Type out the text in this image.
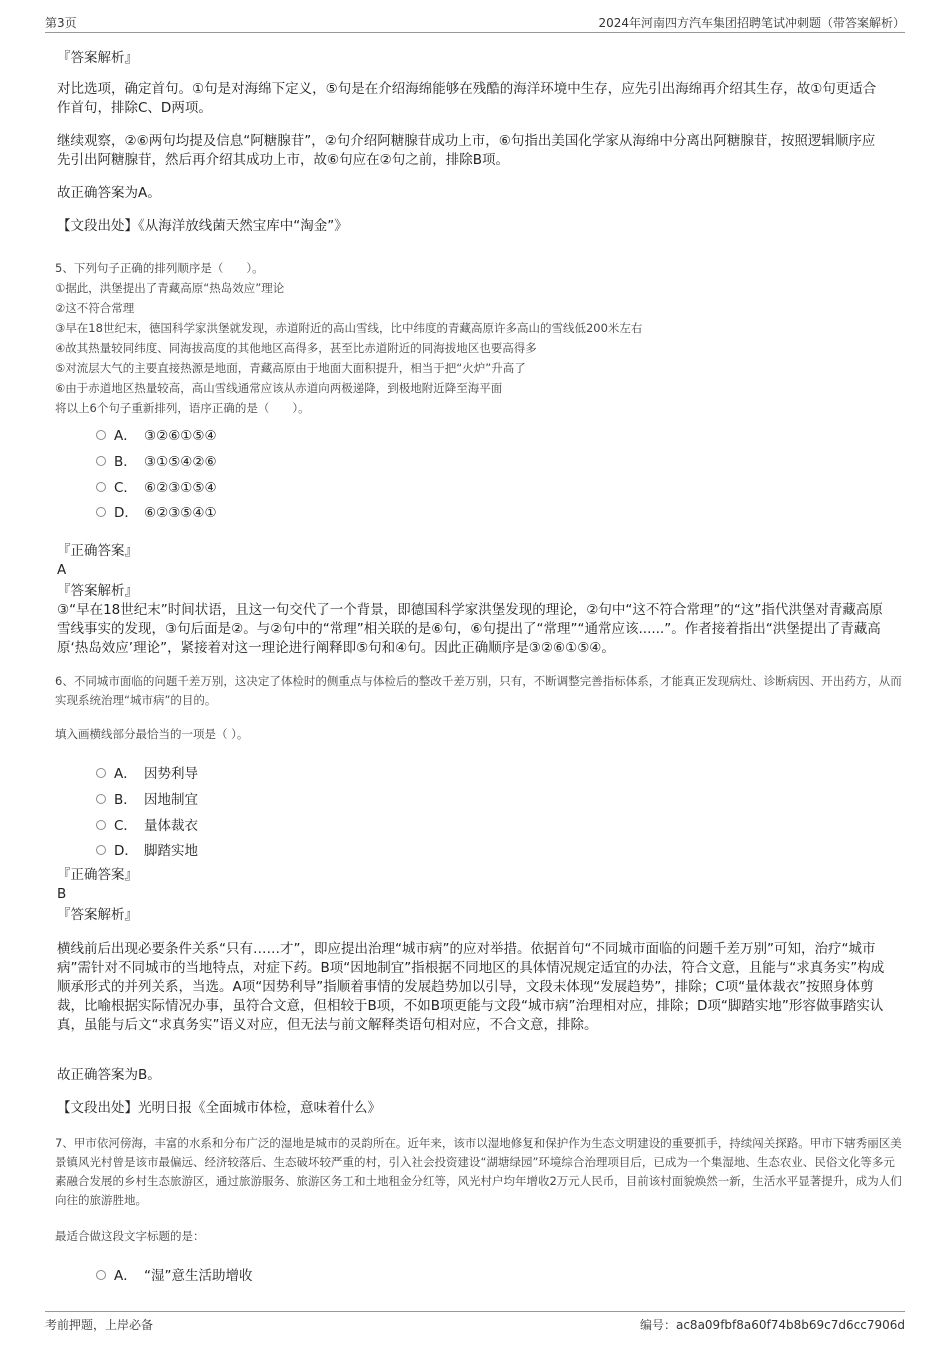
第3页	2024年河南四方汽车集团招聘笔试冲刺题（带答案解析）
『答案解析』
对比选项，确定首句。①句是对海绵下定义，⑤句是在介绍海绵能够在残酷的海洋环境中生存，应先引出海绵再介绍其生存，故①句更适合作首句，排除C、D两项。
继续观察，②⑥两句均提及信息“阿糖腺苷”，②句介绍阿糖腺苷成功上市，⑥句指出美国化学家从海绵中分离出阿糖腺苷，按照逻辑顺序应先引出阿糖腺苷，然后再介绍其成功上市，故⑥句应在②句之前，排除B项。
故正确答案为A。
【文段出处】《从海洋放线菌天然宝库中“淘金”》
5、下列句子正确的排列顺序是（　　）。
①据此，洪堡提出了青藏高原“热岛效应”理论
②这不符合常理
③早在18世纪末，德国科学家洪堡就发现，赤道附近的高山雪线，比中纬度的青藏高原许多高山的雪线低200米左右
④故其热量较同纬度、同海拔高度的其他地区高得多，甚至比赤道附近的同海拔地区也要高得多
⑤对流层大气的主要直接热源是地面，青藏高原由于地面大面积提升，相当于把“火炉”升高了
⑥由于赤道地区热量较高，高山雪线通常应该从赤道向两极递降，到极地附近降至海平面
将以上6个句子重新排列，语序正确的是（　　）。
A． ③②⑥①⑤④
B． ③①⑤④②⑥
C． ⑥②③①⑤④
D． ⑥②③⑤④①
『正确答案』
A
『答案解析』
③“早在18世纪末”时间状语，且这一句交代了一个背景，即德国科学家洪堡发现的理论，②句中“这不符合常理”的“这”指代洪堡对青藏高原雪线事实的发现，③句后面是②。与②句中的“常理”相关联的是⑥句，⑥句提出了“常理”“通常应该......”。作者接着指出“洪堡提出了青藏高原‘热岛效应’理论”，紧接着对这一理论进行阐释即⑤句和④句。因此正确顺序是③②⑥①⑤④。
6、不同城市面临的问题千差万别，这决定了体检时的侧重点与体检后的整改千差万别，只有，不断调整完善指标体系，才能真正发现病灶、诊断病因、开出药方，从而实现系统治理“城市病”的目的。
填入画横线部分最恰当的一项是（ ）。
A． 因势利导
B． 因地制宜
C． 量体裁衣
D． 脚踏实地
『正确答案』
B
『答案解析』
横线前后出现必要条件关系“只有……才”，即应提出治理“城市病”的应对举措。依据首句“不同城市面临的问题千差万别”可知，治疗“城市病”需针对不同城市的当地特点，对症下药。B项“因地制宜”指根据不同地区的具体情况规定适宜的办法，符合文意，且能与“求真务实”构成顺承形式的并列关系，当选。A项“因势利导”指顺着事情的发展趋势加以引导，文段未体现“发展趋势”，排除；C项“量体裁衣”按照身体剪裁，比喻根据实际情况办事，虽符合文意，但相较于B项，不如B项更能与文段“城市病”治理相对应，排除；D项“脚踏实地”形容做事踏实认真，虽能与后文“求真务实”语义对应，但无法与前文解释类语句相对应，不合文意，排除。
故正确答案为B。
【文段出处】光明日报《全面城市体检，意味着什么》
7、甲市依河傍海，丰富的水系和分布广泛的湿地是城市的灵韵所在。近年来，该市以湿地修复和保护作为生态文明建设的重要抓手，持续闯关探路。甲市下辖秀丽区美景镇风光村曾是该市最偏远、经济较落后、生态破坏较严重的村，引入社会投资建设“湖塘绿园”环境综合治理项目后，已成为一个集湿地、生态农业、民俗文化等多元素融合发展的乡村生态旅游区，通过旅游服务、旅游区务工和土地租金分红等，风光村户均年增收2万元人民币，目前该村面貌焕然一新，生活水平显著提升，成为人们向往的旅游胜地。
最适合做这段文字标题的是：
A． “湿”意生活助增收
考前押题，上岸必备	编号：ac8a09fbf8a60f74b8b69c7d6cc7906d
